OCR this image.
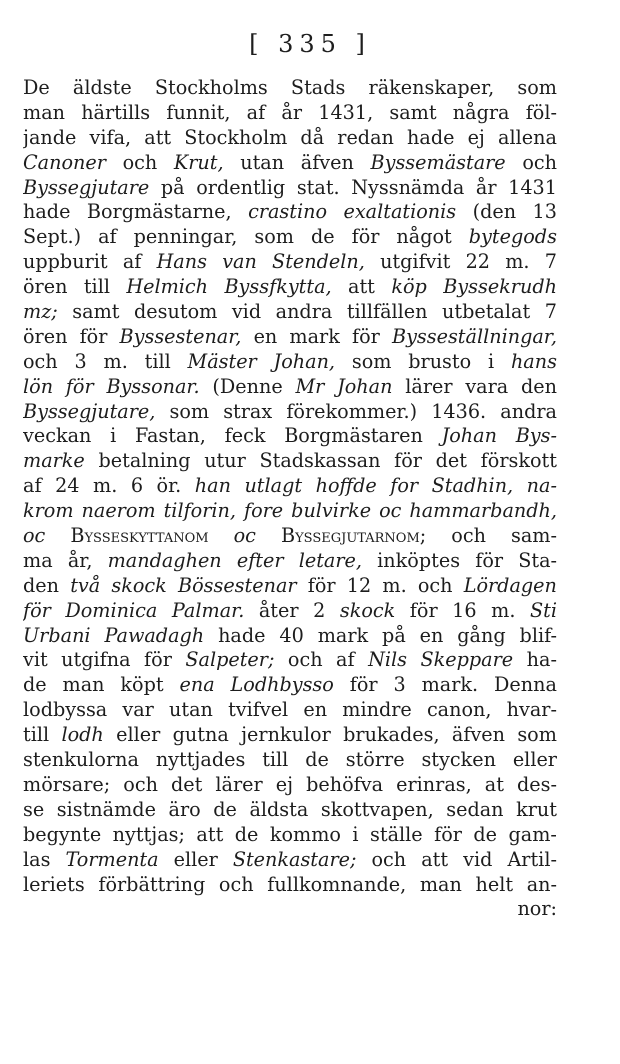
[ 335 ]
De äldste Stockholms Stads räkenskaper, som
man härtills funnit, af år 1431, samt några föl-
jande vifa, att Stockholm då redan hade ej allena
Canoner och Krut, utan äfven Byssemästare och
Byssegjutare på ordentlig stat. Nyssnämda år 1431
hade Borgmästarne, crastino exaltationis (den 13
Sept.) af penningar, som de för något bytegods
uppburit af Hans van Stendeln, utgifvit 22 m. 7
ören till Helmich Byssfkytta, att köp Byssekrudh
mz; samt desutom vid andra tillfällen utbetalat 7
ören för Byssestenar, en mark för Bysseställningar,
och 3 m. till Mäster Johan, som brusto i hans
lön för Byssonar. (Denne Mr Johan lärer vara den
Byssegjutare, som strax förekommer.) 1436. andra
veckan i Fastan, feck Borgmästaren Johan Bys-
marke betalning utur Stadskassan för det förskott
af 24 m. 6 ör. han utlagt hoffde for Stadhin, na-
krom naerom tilforin, fore bulvirke oc hammarbandh,
oc Bysseskyttanom oc Byssegjutarnom; och sam-
ma år, mandaghen efter letare, inköptes för Sta-
den två skock Bössestenar för 12 m. och Lördagen
för Dominica Palmar. åter 2 skock för 16 m. Sti
Urbani Pawadagh hade 40 mark på en gång blif-
vit utgifna för Salpeter; och af Nils Skeppare ha-
de man köpt ena Lodhbysso för 3 mark. Denna
lodbyssa var utan tvifvel en mindre canon, hvar-
till lodh eller gutna jernkulor brukades, äfven som
stenkulorna nyttjades till de större stycken eller
mörsare; och det lärer ej behöfva erinras, at des-
se sistnämde äro de äldsta skottvapen, sedan krut
begynte nyttjas; att de kommo i ställe för de gam-
las Tormenta eller Stenkastare; och att vid Artil-
leriets förbättring och fullkomnande, man helt an-
nor:
